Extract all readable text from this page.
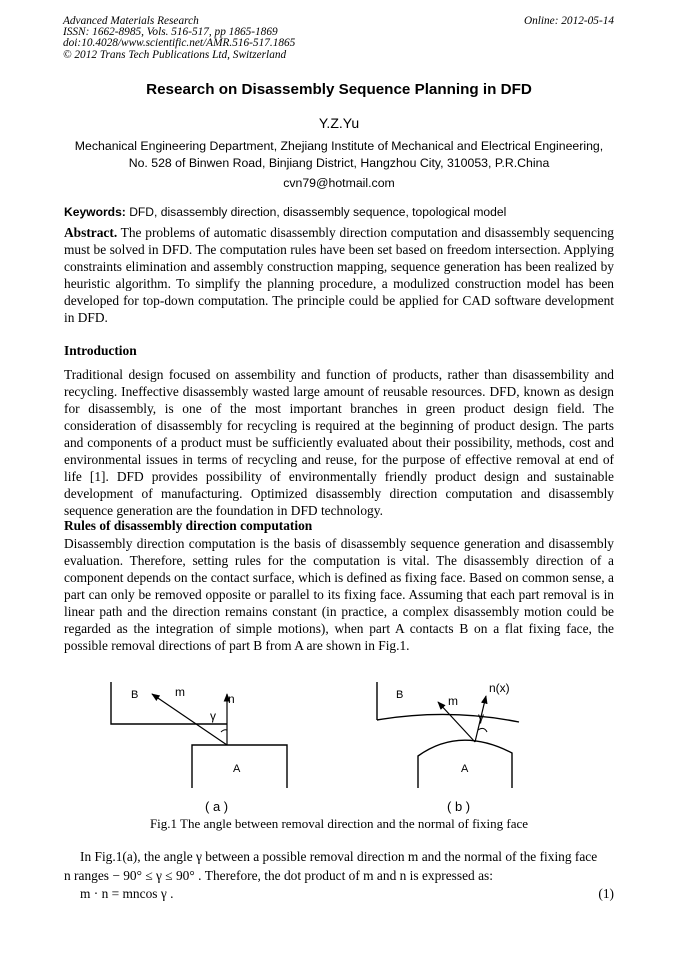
Advanced Materials Research
ISSN: 1662-8985, Vols. 516-517, pp 1865-1869
doi:10.4028/www.scientific.net/AMR.516-517.1865
© 2012 Trans Tech Publications Ltd, Switzerland
Online: 2012-05-14
Research on Disassembly Sequence Planning in DFD
Y.Z.Yu
Mechanical Engineering Department, Zhejiang Institute of Mechanical and Electrical Engineering,
No. 528 of Binwen Road, Binjiang District, Hangzhou City, 310053, P.R.China
cvn79@hotmail.com
Keywords: DFD, disassembly direction, disassembly sequence, topological model
Abstract. The problems of automatic disassembly direction computation and disassembly sequencing must be solved in DFD. The computation rules have been set based on freedom intersection. Applying constraints elimination and assembly construction mapping, sequence generation has been realized by heuristic algorithm. To simplify the planning procedure, a modulized construction model has been developed for top-down computation. The principle could be applied for CAD software development in DFD.
Introduction
Traditional design focused on assembility and function of products, rather than disassembility and recycling. Ineffective disassembly wasted large amount of reusable resources. DFD, known as design for disassembly, is one of the most important branches in green product design field. The consideration of disassembly for recycling is required at the beginning of product design. The parts and components of a product must be sufficiently evaluated about their possibility, methods, cost and environmental issues in terms of recycling and reuse, for the purpose of effective removal at end of life [1]. DFD provides possibility of environmentally friendly product design and sustainable development of manufacturing. Optimized disassembly direction computation and disassembly sequence generation are the foundation in DFD technology.
Rules of disassembly direction computation
Disassembly direction computation is the basis of disassembly sequence generation and disassembly evaluation. Therefore, setting rules for the computation is vital. The disassembly direction of a component depends on the contact surface, which is defined as fixing face. Based on common sense, a part can only be removed opposite or parallel to its fixing face. Assuming that each part removal is in linear path and the direction remains constant (in practice, a complex disassembly motion could be regarded as the integration of simple motions), when part A contacts B on a flat fixing face, the possible removal directions of part B from A are shown in Fig.1.
B	m	n
γ
A
B	m
n(x)
γ
A
( a )	( b )
Fig.1 The angle between removal direction and the normal of fixing face
In Fig.1(a), the angle γ between a possible removal direction m and the normal of the fixing face
n ranges − 90° ≤ γ ≤ 90° . Therefore, the dot product of m and n is expressed as:
m · n = mncos γ .	(1)
